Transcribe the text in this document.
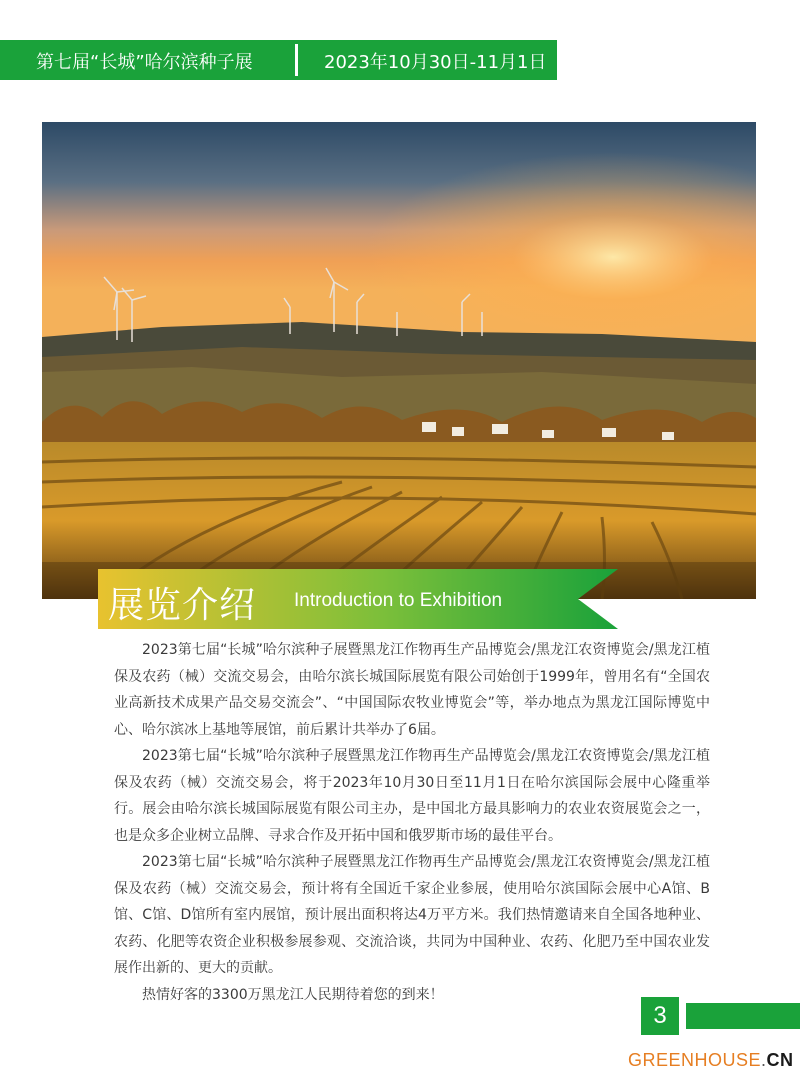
第七届“长城”哈尔滨种子展	2023年10月30日-11月1日
展览介绍 Introduction to Exhibition

2023第七届“长城”哈尔滨种子展暨黑龙江作物再生产品博览会/黑龙江农资博览会/黑龙江植保及农药（械）交流交易会，由哈尔滨长城国际展览有限公司始创于1999年，曾用名有“全国农业高新技术成果产品交易交流会”、“中国国际农牧业博览会”等，举办地点为黑龙江国际博览中心、哈尔滨冰上基地等展馆，前后累计共举办了6届。

2023第七届“长城”哈尔滨种子展暨黑龙江作物再生产品博览会/黑龙江农资博览会/黑龙江植保及农药（械）交流交易会，将于2023年10月30日至11月1日在哈尔滨国际会展中心隆重举行。展会由哈尔滨长城国际展览有限公司主办，是中国北方最具影响力的农业农资展览会之一，也是众多企业树立品牌、寻求合作及开拓中国和俄罗斯市场的最佳平台。

2023第七届“长城”哈尔滨种子展暨黑龙江作物再生产品博览会/黑龙江农资博览会/黑龙江植保及农药（械）交流交易会，预计将有全国近千家企业参展，使用哈尔滨国际会展中心A馆、B馆、C馆、D馆所有室内展馆，预计展出面积将达4万平方米。我们热情邀请来自全国各地种业、农药、化肥等农资企业积极参展参观、交流洽谈，共同为中国种业、农药、化肥乃至中国农业发展作出新的、更大的贡献。

热情好客的3300万黑龙江人民期待着您的到来！

3
GREENHOUSE.CN
